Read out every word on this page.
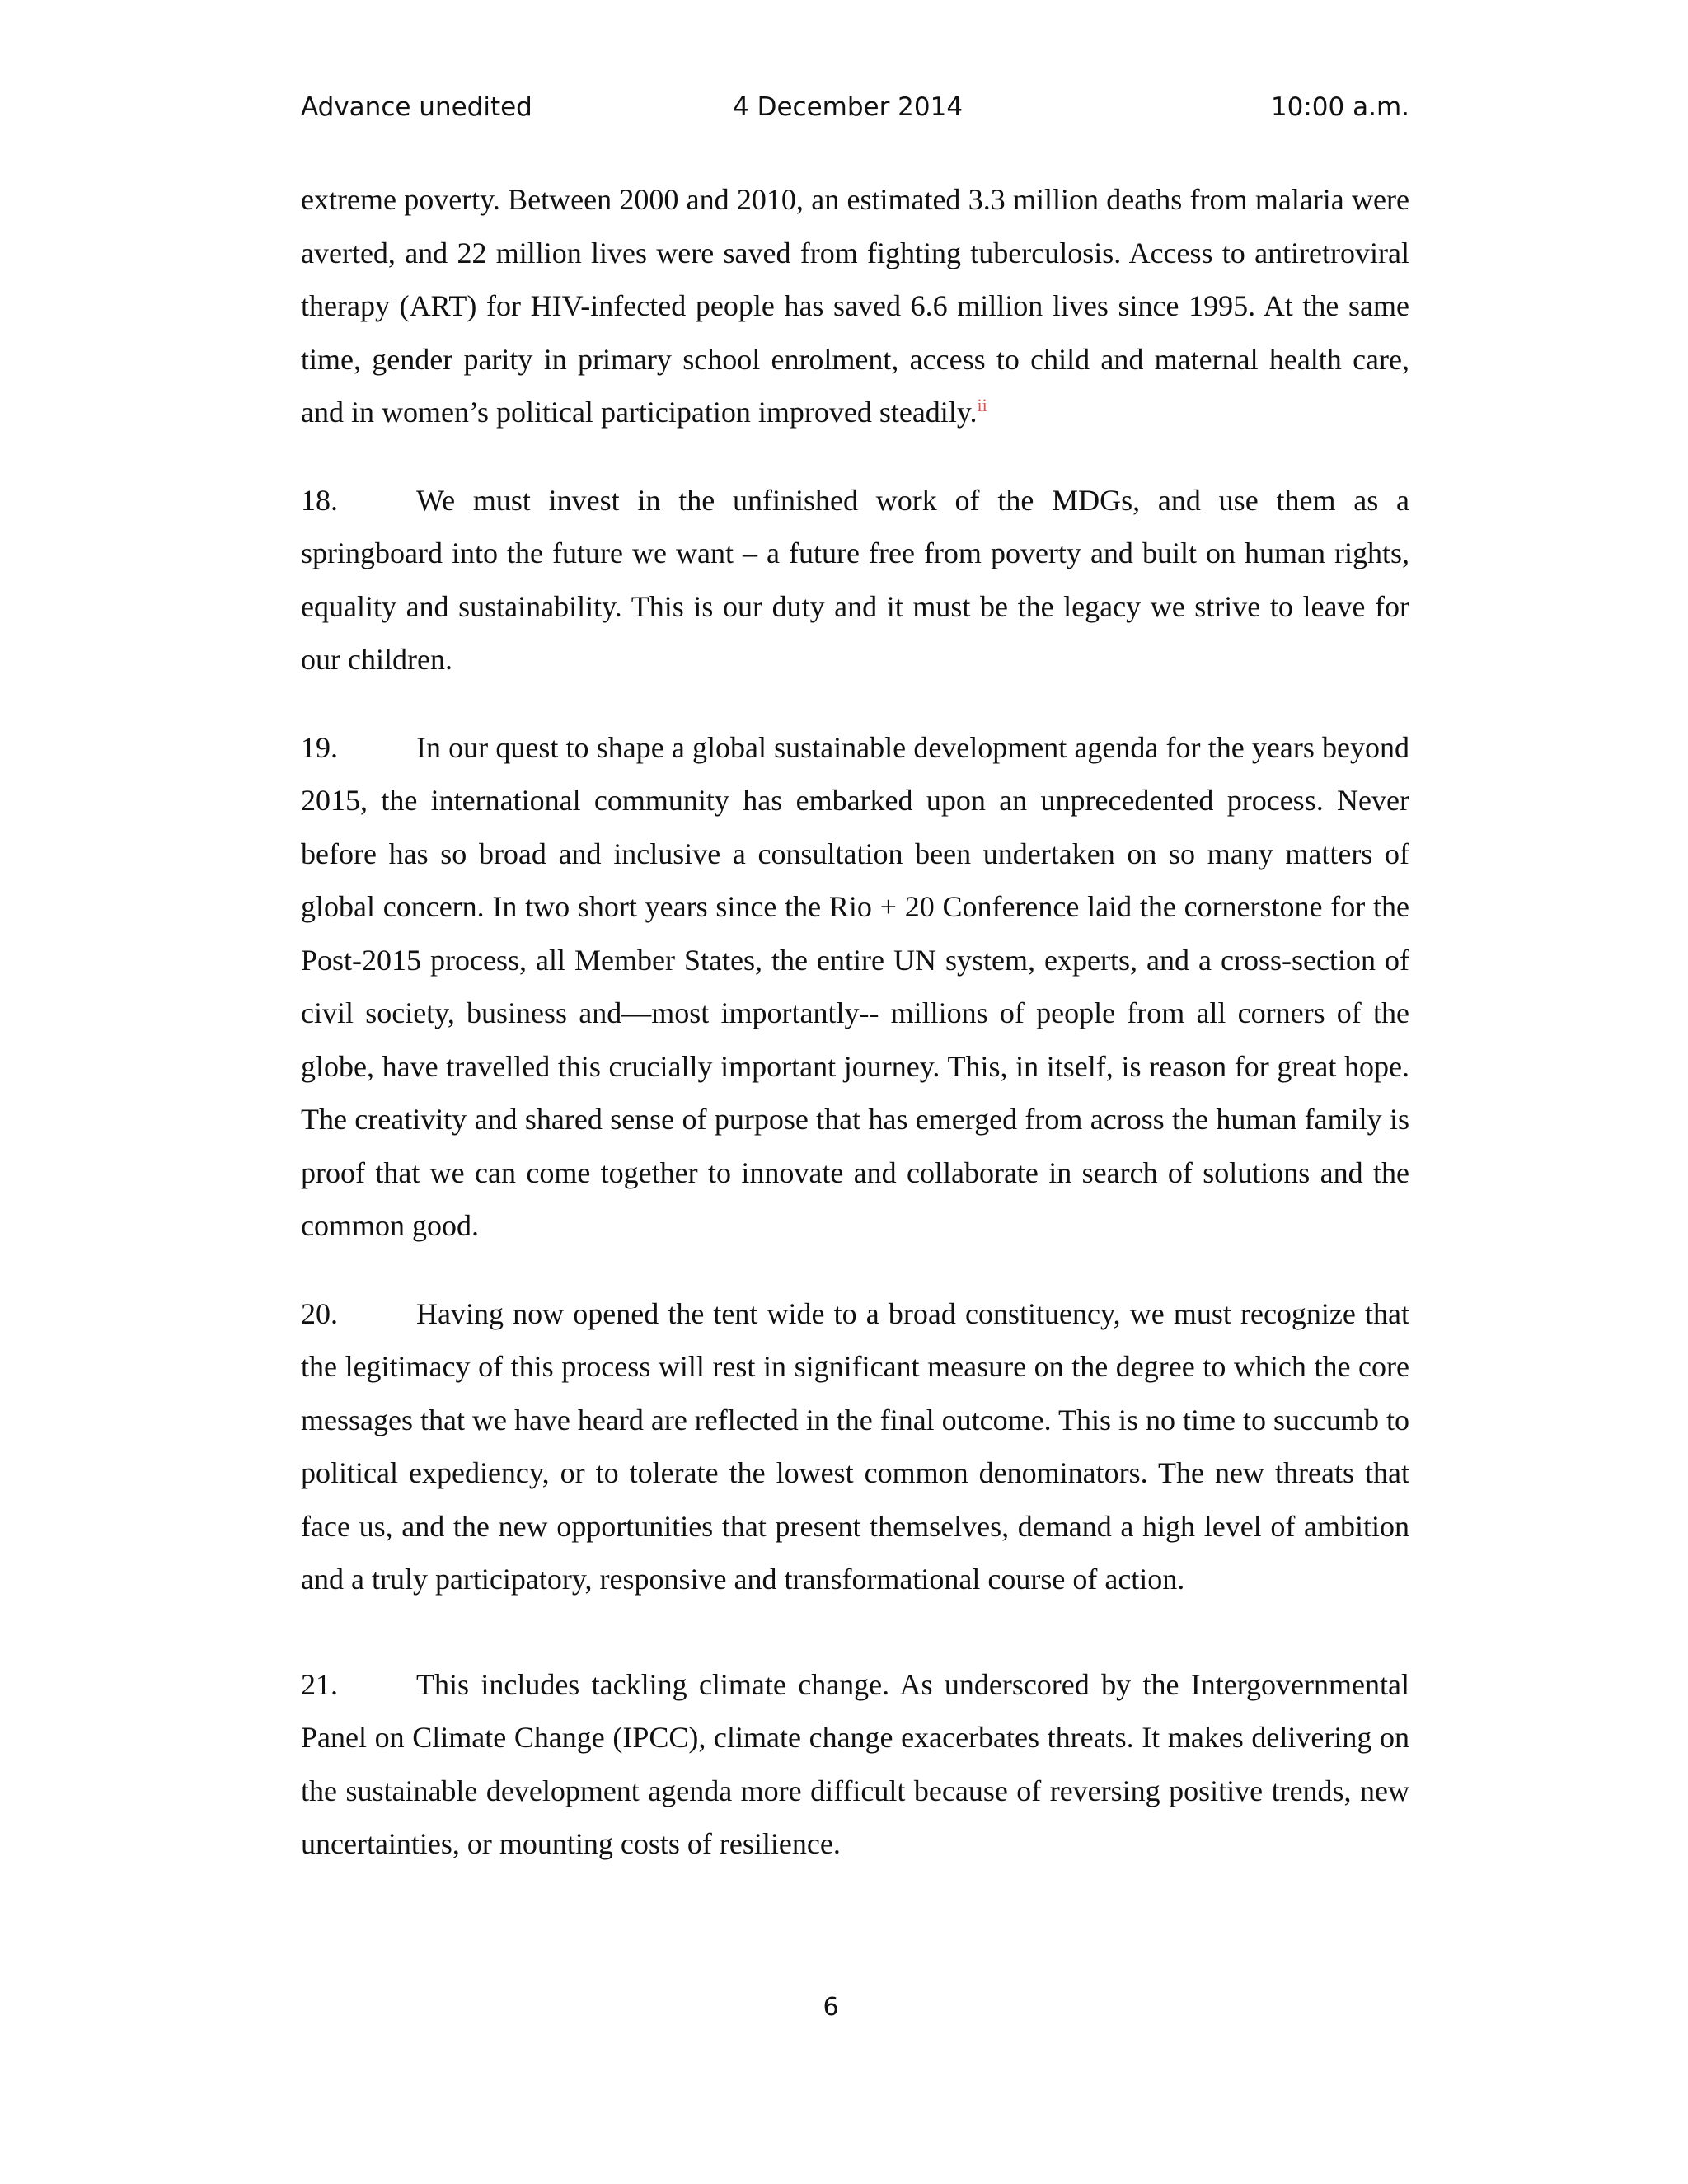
Advance unedited	4 December 2014	10:00 a.m.

extreme poverty. Between 2000 and 2010, an estimated 3.3 million deaths from malaria were averted, and 22 million lives were saved from fighting tuberculosis. Access to antiretroviral therapy (ART) for HIV-infected people has saved 6.6 million lives since 1995. At the same time, gender parity in primary school enrolment, access to child and maternal health care, and in women’s political participation improved steadily.$^{ii}$

18.	We must invest in the unfinished work of the MDGs, and use them as a springboard into the future we want – a future free from poverty and built on human rights, equality and sustainability. This is our duty and it must be the legacy we strive to leave for our children.

19.	In our quest to shape a global sustainable development agenda for the years beyond 2015, the international community has embarked upon an unprecedented process. Never before has so broad and inclusive a consultation been undertaken on so many matters of global concern. In two short years since the Rio + 20 Conference laid the cornerstone for the Post-2015 process, all Member States, the entire UN system, experts, and a cross-section of civil society, business and—most importantly-- millions of people from all corners of the globe, have travelled this crucially important journey. This, in itself, is reason for great hope. The creativity and shared sense of purpose that has emerged from across the human family is proof that we can come together to innovate and collaborate in search of solutions and the common good.

20.	Having now opened the tent wide to a broad constituency, we must recognize that the legitimacy of this process will rest in significant measure on the degree to which the core messages that we have heard are reflected in the final outcome. This is no time to succumb to political expediency, or to tolerate the lowest common denominators. The new threats that face us, and the new opportunities that present themselves, demand a high level of ambition and a truly participatory, responsive and transformational course of action.

21.	This includes tackling climate change. As underscored by the Intergovernmental Panel on Climate Change (IPCC), climate change exacerbates threats. It makes delivering on the sustainable development agenda more difficult because of reversing positive trends, new uncertainties, or mounting costs of resilience.

6
